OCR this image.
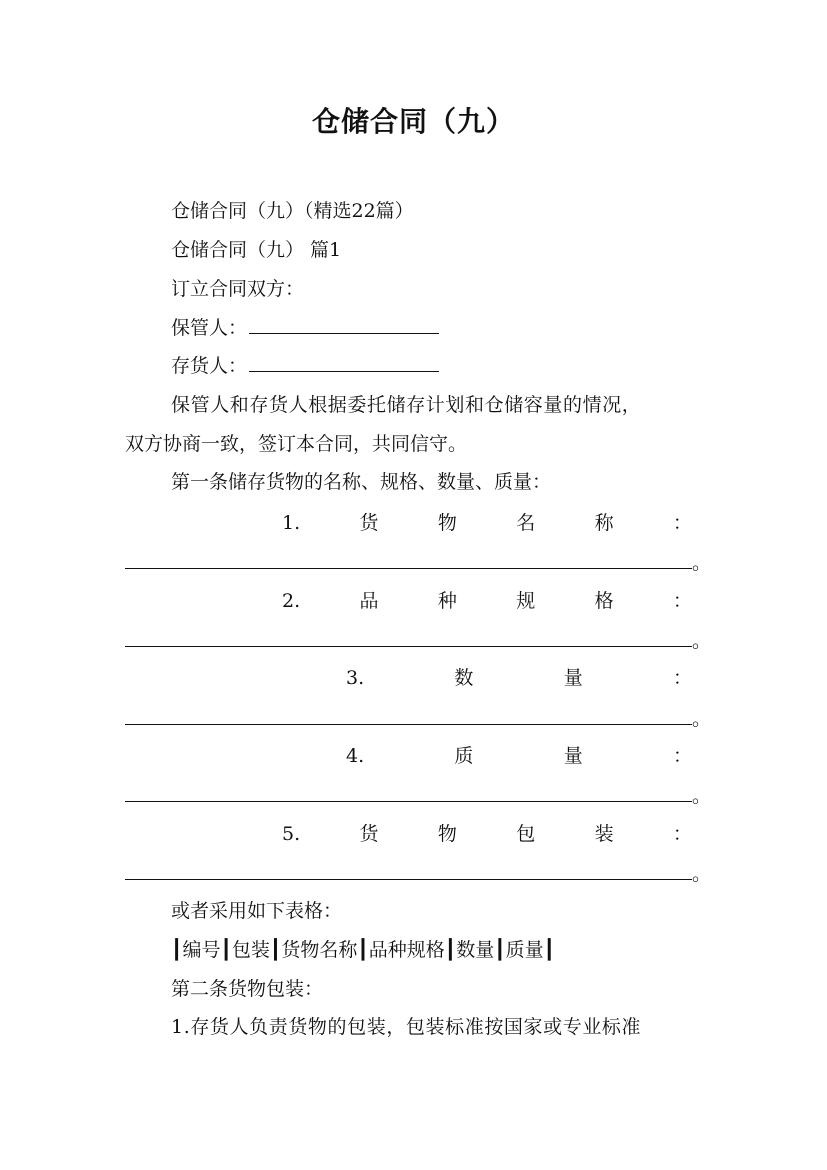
仓储合同（九）
仓储合同（九）（精选22篇）
仓储合同（九） 篇1
订立合同双方：
保管人：
存货人：
保管人和存货人根据委托储存计划和仓储容量的情况，
双方协商一致，签订本合同，共同信守。
第一条储存货物的名称、规格、数量、质量：
1.	货	物	名	称	：
。
2.	品	种	规	格	：
。
3.	数	量	：
。
4.	质	量	：
。
5.	货	物	包	装	：
。
或者采用如下表格：
┃编号┃包装┃货物名称┃品种规格┃数量┃质量┃
第二条货物包装：
1.存货人负责货物的包装，包装标准按国家或专业标准
